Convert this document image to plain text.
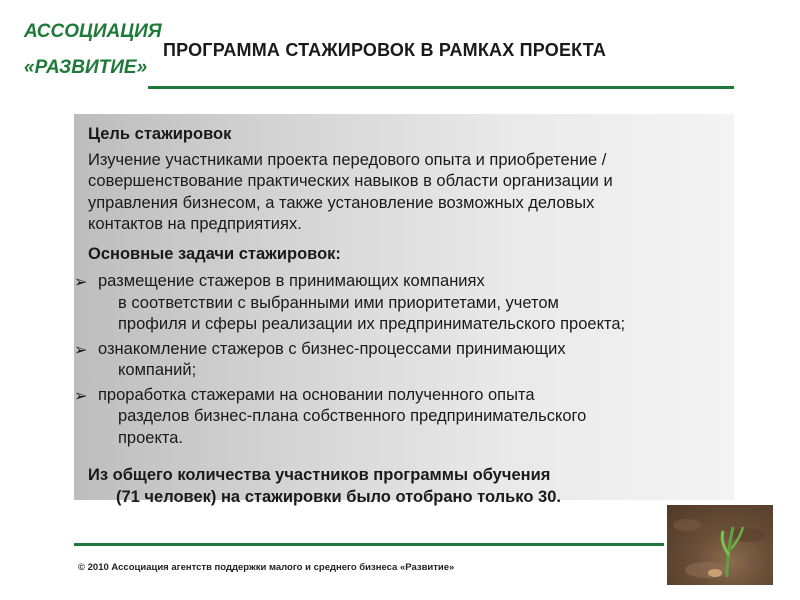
АССОЦИАЦИЯ
«РАЗВИТИЕ»
ПРОГРАММА СТАЖИРОВОК В РАМКАХ ПРОЕКТА
Цель стажировок
Изучение участниками проекта передового опыта и приобретение /
совершенствование практических навыков в области организации и
управления бизнесом, а также установление возможных деловых
контактов на предприятиях.
Основные задачи стажировок:
➢ размещение стажеров в принимающих компаниях
в соответствии с выбранными ими приоритетами, учетом
профиля и сферы реализации их предпринимательского проекта;
➢ ознакомление стажеров с бизнес-процессами принимающих
компаний;
➢ проработка стажерами на основании полученного опыта
разделов бизнес-плана собственного предпринимательского
проекта.
Из общего количества участников программы обучения
(71 человек) на стажировки было отобрано только 30.
© 2010 Ассоциация агентств поддержки малого и среднего бизнеса «Развитие»
